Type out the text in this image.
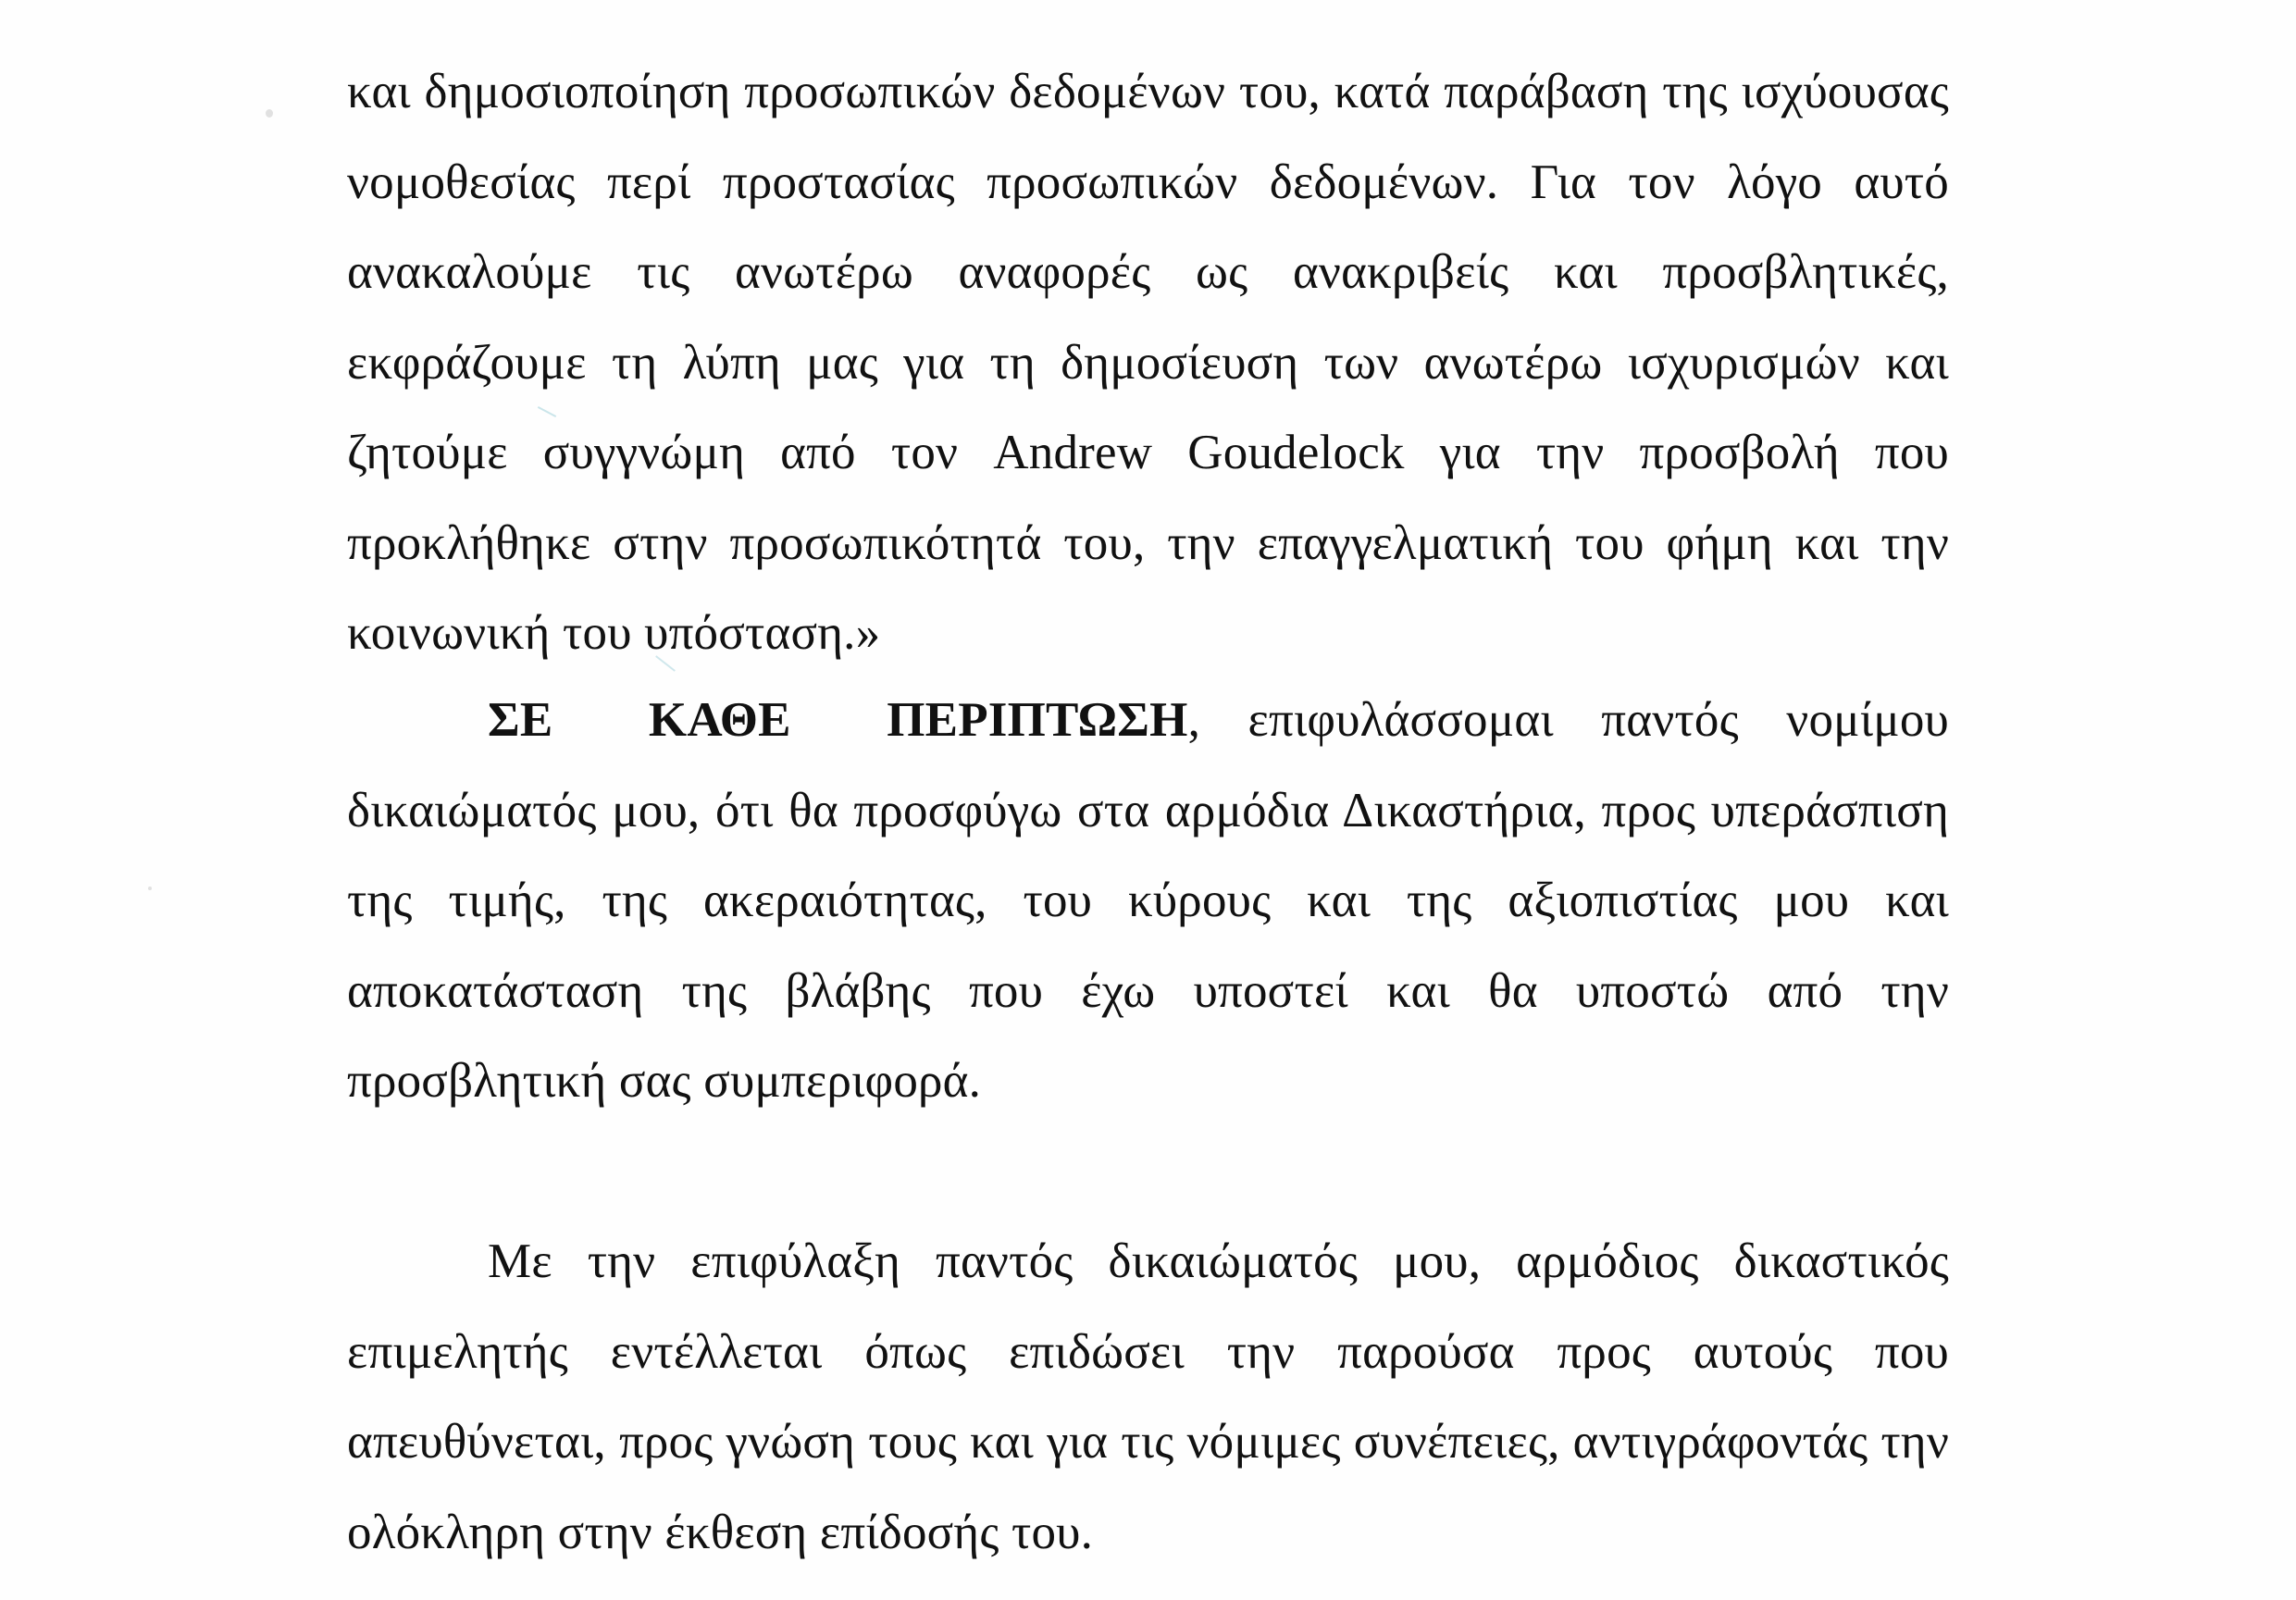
και δημοσιοποίηση προσωπικών δεδομένων του, κατά παράβαση της ισχύουσας νομοθεσίας περί προστασίας προσωπικών δεδομένων. Για τον λόγο αυτό ανακαλούμε τις ανωτέρω αναφορές ως ανακριβείς και προσβλητικές, εκφράζουμε τη λύπη μας για τη δημοσίευση των ανωτέρω ισχυρισμών και ζητούμε συγγνώμη από τον Andrew Goudelock για την προσβολή που προκλήθηκε στην προσωπικότητά του, την επαγγελματική του φήμη και την κοινωνική του υπόσταση.»

ΣΕ ΚΑΘΕ ΠΕΡΙΠΤΩΣΗ, επιφυλάσσομαι παντός νομίμου δικαιώματός μου, ότι θα προσφύγω στα αρμόδια Δικαστήρια, προς υπεράσπιση της τιμής, της ακεραιότητας, του κύρους και της αξιοπιστίας μου και αποκατάσταση της βλάβης που έχω υποστεί και θα υποστώ από την προσβλητική σας συμπεριφορά.

Με την επιφύλαξη παντός δικαιώματός μου, αρμόδιος δικαστικός επιμελητής εντέλλεται όπως επιδώσει την παρούσα προς αυτούς που απευθύνεται, προς γνώση τους και για τις νόμιμες συνέπειες, αντιγράφοντάς την ολόκληρη στην έκθεση επίδοσής του.
